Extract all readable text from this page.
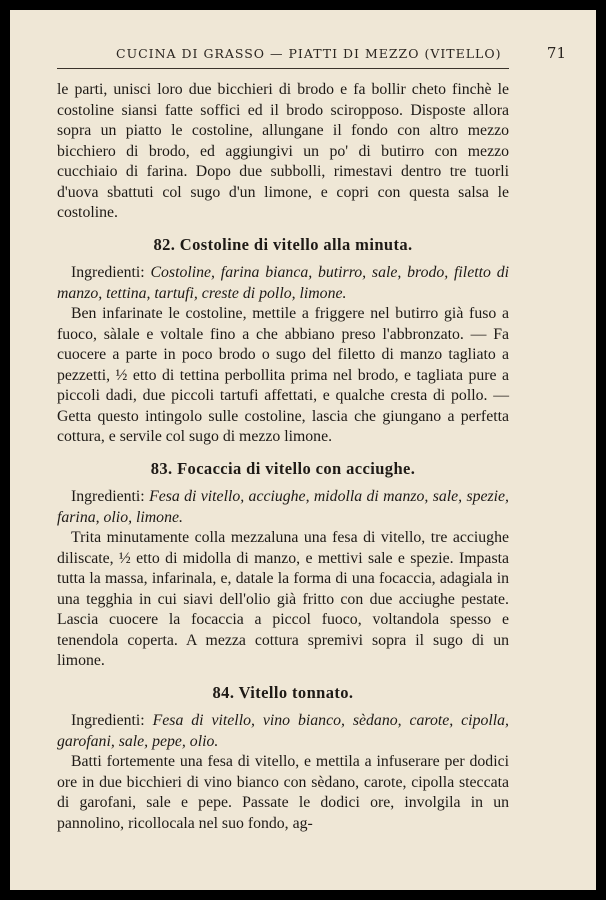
CUCINA DI GRASSO — PIATTI DI MEZZO (VITELLO)	71

le parti, unisci loro due bicchieri di brodo e fa bollir cheto finchè le costoline siansi fatte soffici ed il brodo sciropposo. Disposte allora sopra un piatto le costoline, allungane il fondo con altro mezzo bicchiero di brodo, ed aggiungivi un po' di butirro con mezzo cucchiaio di farina. Dopo due subbolli, rimestavi dentro tre tuorli d'uova sbattuti col sugo d'un limone, e copri con questa salsa le costoline.

82. Costoline di vitello alla minuta.

Ingredienti: Costoline, farina bianca, butirro, sale, brodo, filetto di manzo, tettina, tartufi, creste di pollo, limone.

Ben infarinate le costoline, mettile a friggere nel butirro già fuso a fuoco, sàlale e voltale fino a che abbiano preso l'abbronzato. — Fa cuocere a parte in poco brodo o sugo del filetto di manzo tagliato a pezzetti, ½ etto di tettina perbollita prima nel brodo, e tagliata pure a piccoli dadi, due piccoli tartufi affettati, e qualche cresta di pollo. — Getta questo intingolo sulle costoline, lascia che giungano a perfetta cottura, e servile col sugo di mezzo limone.

83. Focaccia di vitello con acciughe.

Ingredienti: Fesa di vitello, acciughe, midolla di manzo, sale, spezie, farina, olio, limone.

Trita minutamente colla mezzaluna una fesa di vitello, tre acciughe diliscate, ½ etto di midolla di manzo, e mettivi sale e spezie. Impasta tutta la massa, infarinala, e, datale la forma di una focaccia, adagiala in una tegghia in cui siavi dell'olio già fritto con due acciughe pestate. Lascia cuocere la focaccia a piccol fuoco, voltandola spesso e tenendola coperta. A mezza cottura spremivi sopra il sugo di un limone.

84. Vitello tonnato.

Ingredienti: Fesa di vitello, vino bianco, sèdano, carote, cipolla, garofani, sale, pepe, olio.

Batti fortemente una fesa di vitello, e mettila a infuserare per dodici ore in due bicchieri di vino bianco con sèdano, carote, cipolla steccata di garofani, sale e pepe. Passate le dodici ore, involgila in un pannolino, ricollocala nel suo fondo, ag-
